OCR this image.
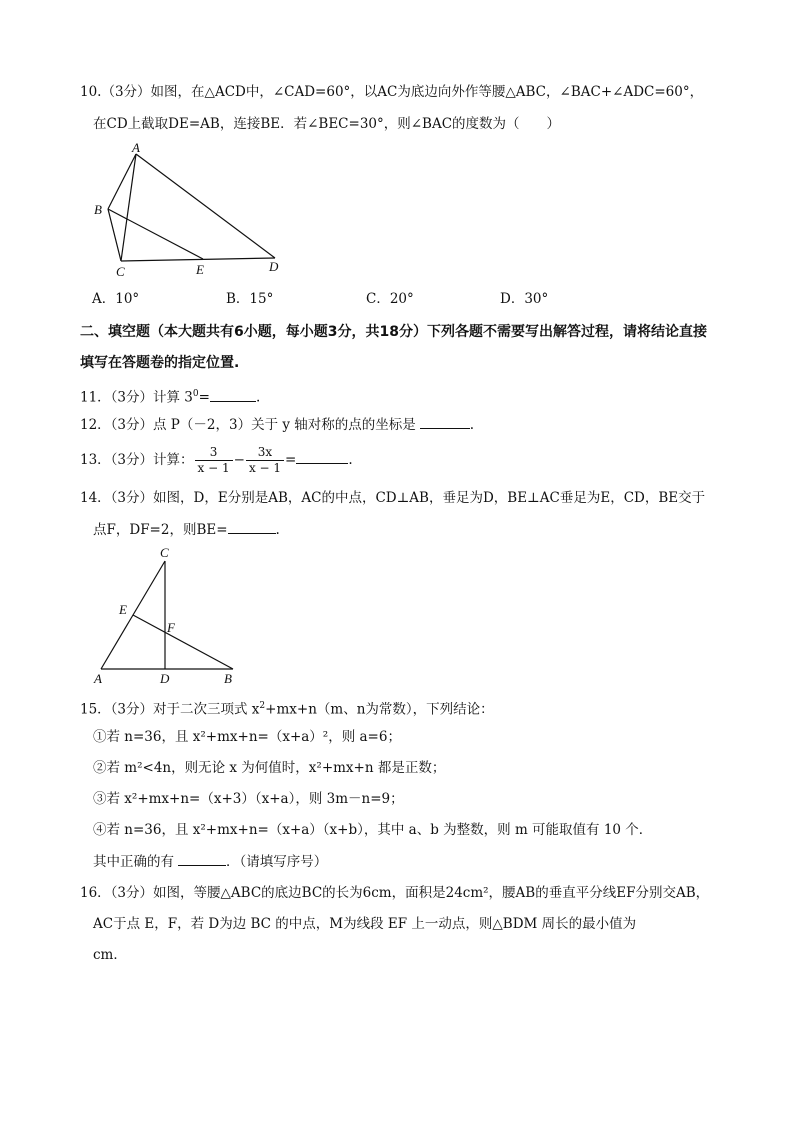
10.（3分）如图，在△ACD中，∠CAD=60°，以AC为底边向外作等腰△ABC，∠BAC+∠ADC=60°，
在CD上截取DE=AB，连接BE．若∠BEC=30°，则∠BAC的度数为（　　）
A
B
C	E	D
A．10°	B．15°	C．20°	D．30°
二、填空题（本大题共有6小题，每小题3分，共18分）下列各题不需要写出解答过程，请将结论直接
填写在答题卷的指定位置.
11．（3分）计算 $3^0=$	.
12．（3分）点 P（－2，3）关于 y 轴对称的点的坐标是	.
13．（3分）计算： $\frac{3}{x - 1} - \frac{3x}{x - 1}$ =	.
14．（3分）如图，D，E分别是AB，AC的中点，CD⊥AB，垂足为D，BE⊥AC垂足为E，CD，BE交于
点F，DF=2，则BE=	.
C
E
F
A	D	B
15．（3分）对于二次三项式 $x^2+mx+n(m$、n为常数），下列结论：
①若 n=36，且 x²+mx+n=（x+a）²，则 a=6；
②若 m²<4n，则无论 x 为何值时，x²+mx+n 都是正数；
③若 x²+mx+n=（x+3）（x+a），则 3m－n=9；
④若 n=36，且 x²+mx+n=（x+a）（x+b），其中 a、b 为整数，则 m 可能取值有 10 个．
其中正确的有	．（请填写序号）
16．（3分）如图，等腰△ABC的底边BC的长为6cm，面积是24cm²，腰AB的垂直平分线EF分别交AB，
AC于点 E，F，若 D为边 BC 的中点，M为线段 EF 上一动点，则△BDM 周长的最小值为
cm．
